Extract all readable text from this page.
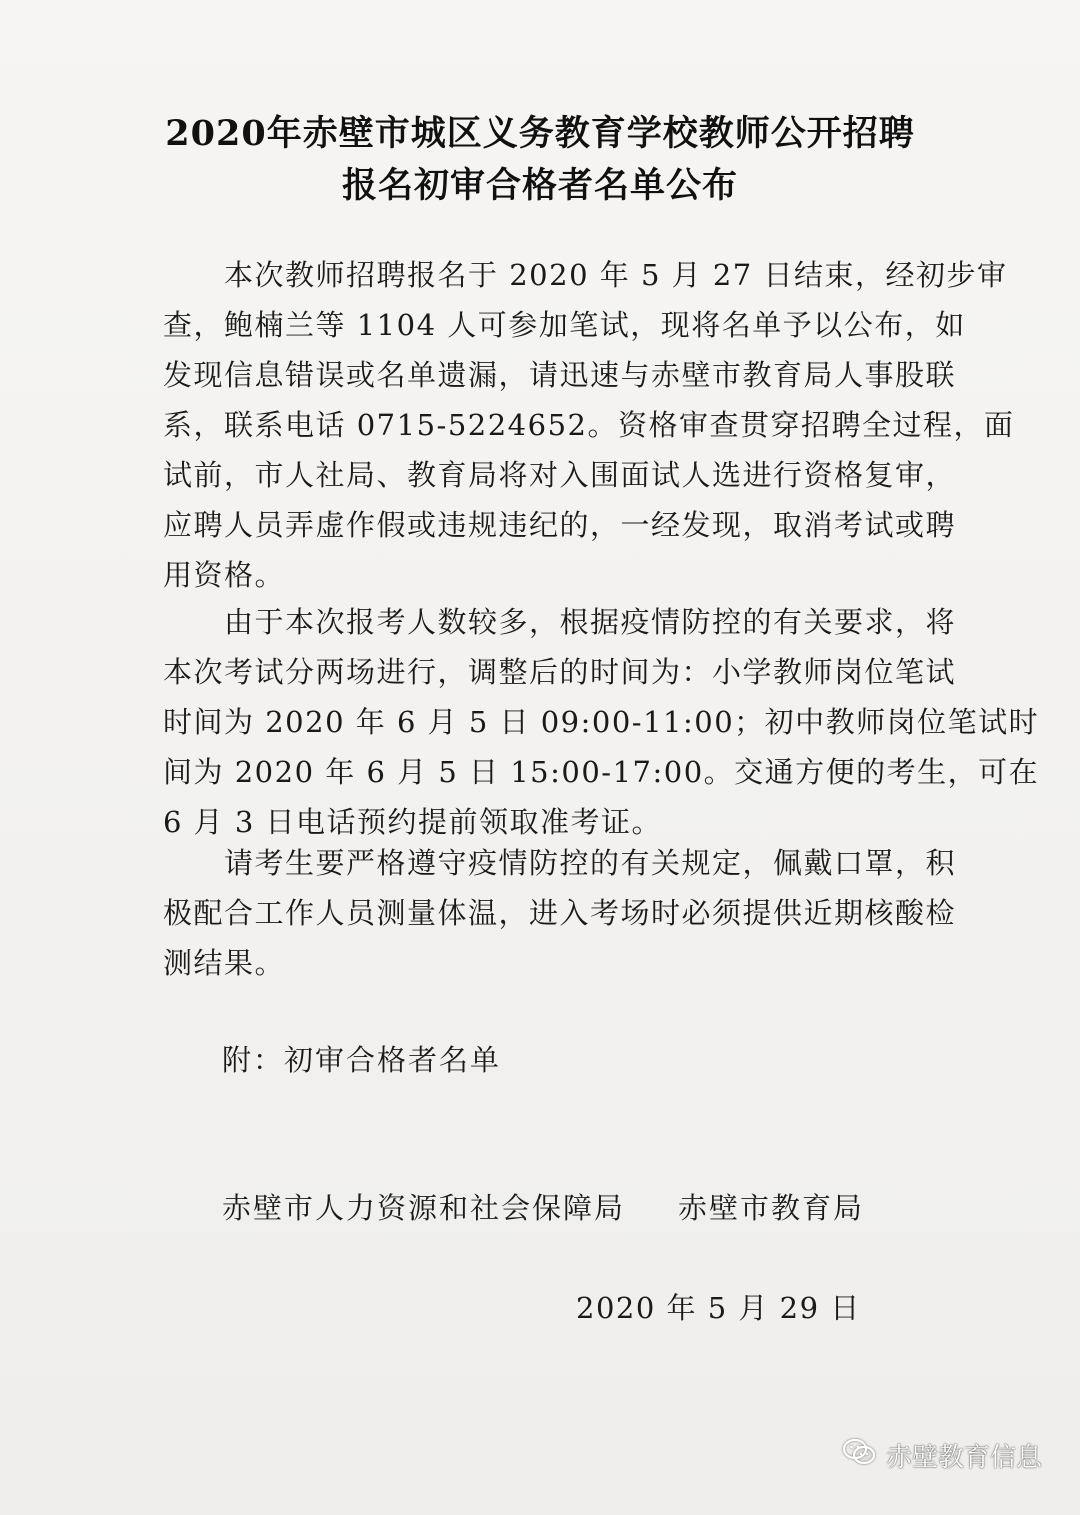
2020年赤壁市城区义务教育学校教师公开招聘
报名初审合格者名单公布
　　本次教师招聘报名于 2020 年 5 月 27 日结束，经初步审
查，鲍楠兰等 1104 人可参加笔试，现将名单予以公布，如
发现信息错误或名单遗漏，请迅速与赤壁市教育局人事股联
系，联系电话 0715-5224652。资格审查贯穿招聘全过程，面
试前，市人社局、教育局将对入围面试人选进行资格复审，
应聘人员弄虚作假或违规违纪的，一经发现，取消考试或聘
用资格。
　　由于本次报考人数较多，根据疫情防控的有关要求，将
本次考试分两场进行，调整后的时间为：小学教师岗位笔试
时间为 2020 年 6 月 5 日 09:00-11:00；初中教师岗位笔试时
间为 2020 年 6 月 5 日 15:00-17:00。交通方便的考生，可在
6 月 3 日电话预约提前领取准考证。
　　请考生要严格遵守疫情防控的有关规定，佩戴口罩，积
极配合工作人员测量体温，进入考场时必须提供近期核酸检
测结果。
附：初审合格者名单
赤壁市人力资源和社会保障局 赤壁市教育局
2020 年 5 月 29 日
赤壁教育信息
